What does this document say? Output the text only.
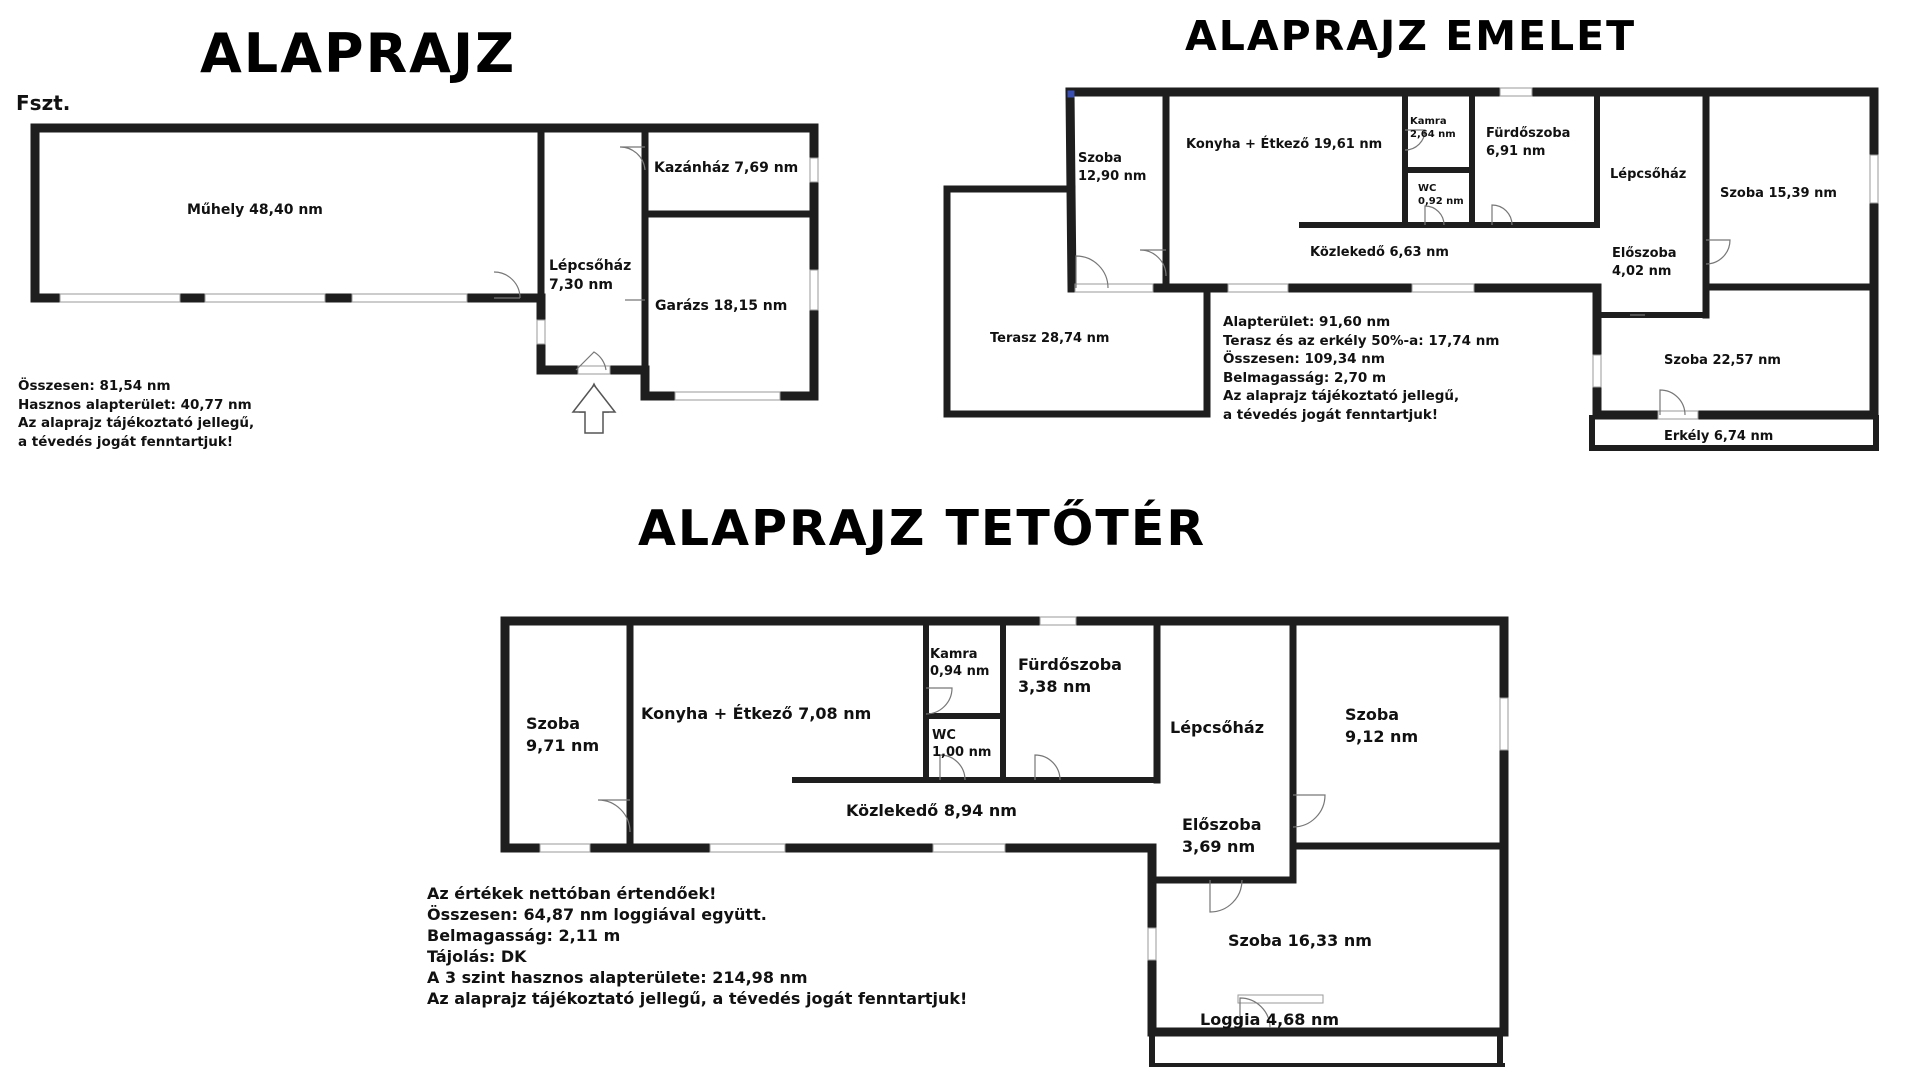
ALAPRAJZ	ALAPRAJZ EMELET
ALAPRAJZ TETŐTÉR
Fszt.
Műhely 48,40 nm
Kazánház 7,69 nm
Lépcsőház
7,30 nm
Garázs 18,15 nm
Szoba
12,90 nm
Konyha + Étkező 19,61 nm
Kamra
2,64 nm
WC
0,92 nm
Fürdőszoba
6,91 nm
Lépcsőház
Szoba 15,39 nm
Közlekedő 6,63 nm	Előszoba
4,02 nm
Terasz 28,74 nm
Szoba 22,57 nm
Erkély 6,74 nm
Szoba
9,71 nm
Konyha + Étkező 7,08 nm
Kamra
0,94 nm
WC
1,00 nm
Fürdőszoba
3,38 nm
Lépcsőház
Szoba
9,12 nm
Közlekedő 8,94 nm
Előszoba
3,69 nm
Szoba 16,33 nm
Loggia 4,68 nm
Összesen: 81,54 nm
Hasznos alapterület: 40,77 nm
Az alaprajz tájékoztató jellegű,
a tévedés jogát fenntartjuk!
Alapterület: 91,60 nm
Terasz és az erkély 50%-a: 17,74 nm
Összesen: 109,34 nm
Belmagasság: 2,70 m
Az alaprajz tájékoztató jellegű,
a tévedés jogát fenntartjuk!
Az értékek nettóban értendőek!
Összesen: 64,87 nm loggiával együtt.
Belmagasság: 2,11 m
Tájolás: DK
A 3 szint hasznos alapterülete: 214,98 nm
Az alaprajz tájékoztató jellegű, a tévedés jogát fenntartjuk!
